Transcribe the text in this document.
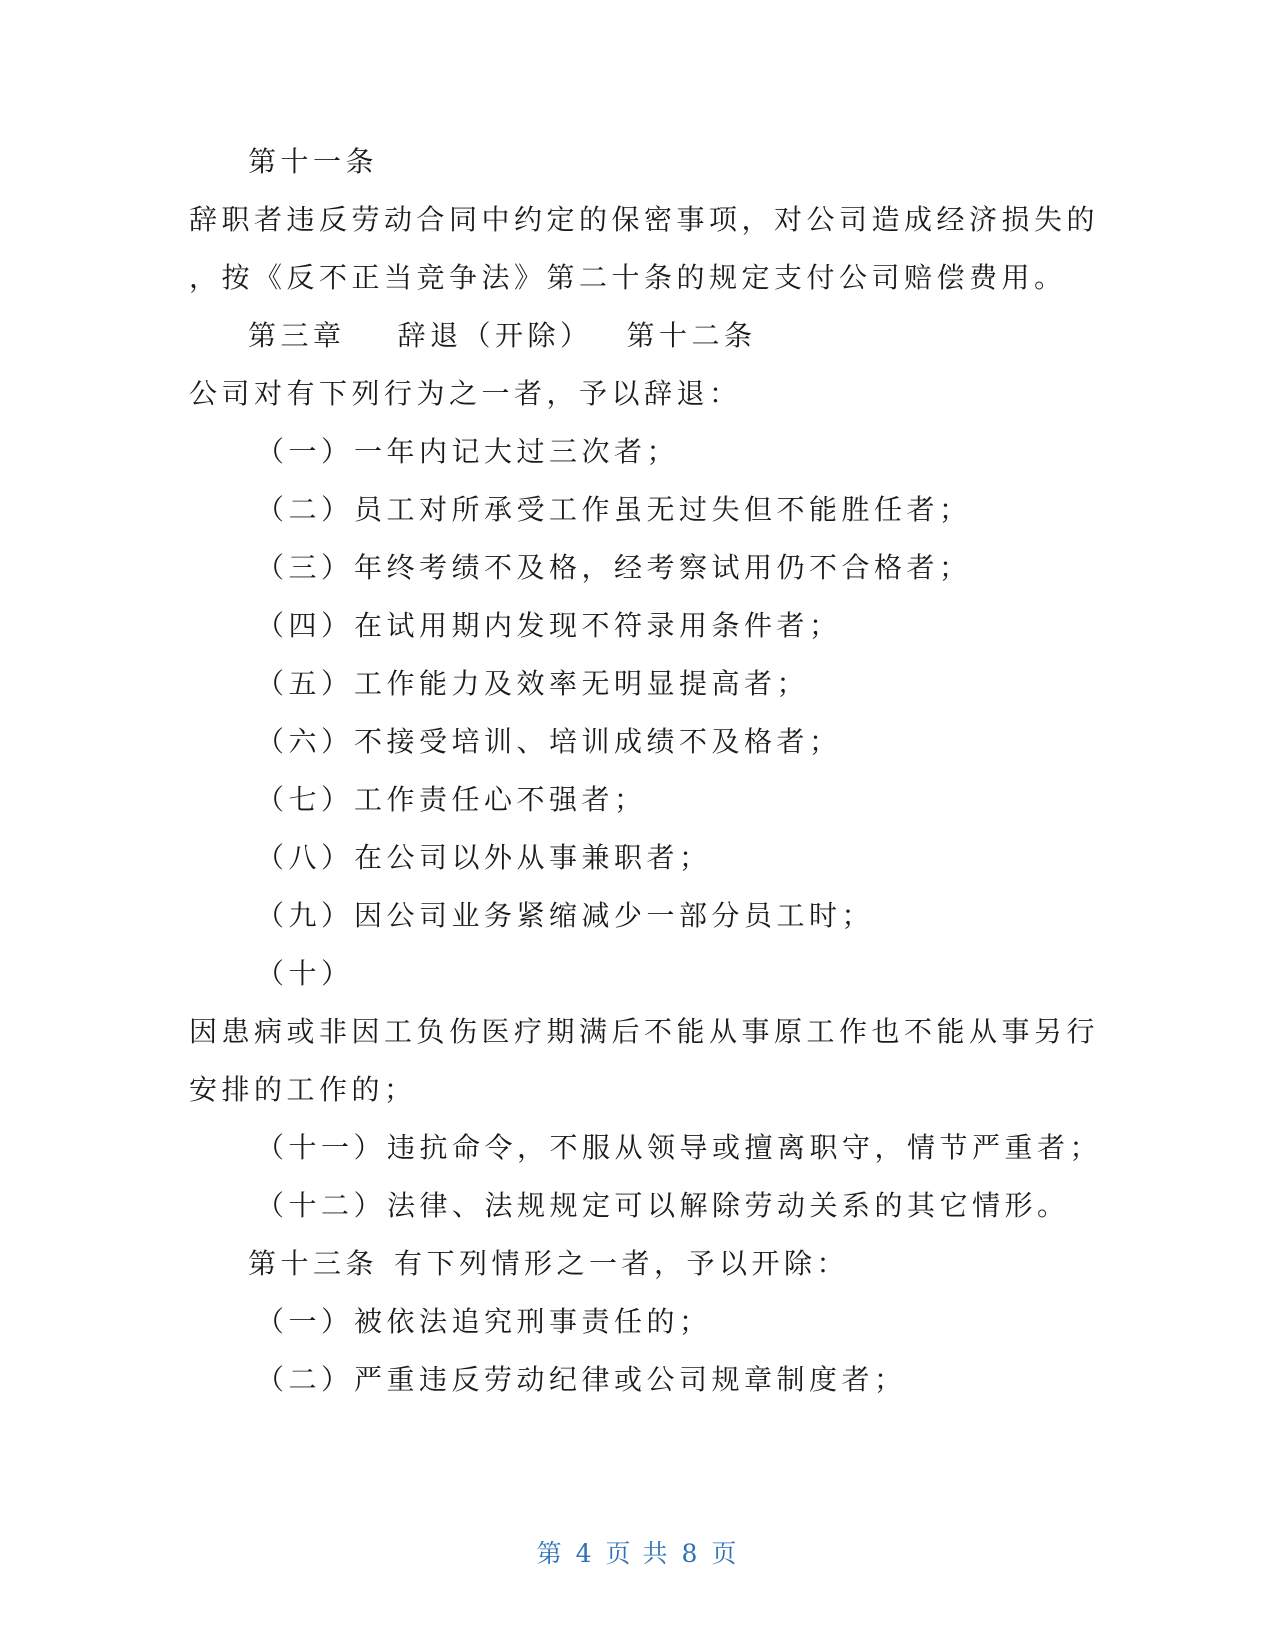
第十一条
辞职者违反劳动合同中约定的保密事项，对公司造成经济损失的
，按《反不正当竞争法》第二十条的规定支付公司赔偿费用。
第三章 辞退（开除） 第十二条
公司对有下列行为之一者，予以辞退：
（一）一年内记大过三次者；
（二）员工对所承受工作虽无过失但不能胜任者；
（三）年终考绩不及格，经考察试用仍不合格者；
（四）在试用期内发现不符录用条件者；
（五）工作能力及效率无明显提高者；
（六）不接受培训、培训成绩不及格者；
（七）工作责任心不强者；
（八）在公司以外从事兼职者；
（九）因公司业务紧缩减少一部分员工时；
（十）
因患病或非因工负伤医疗期满后不能从事原工作也不能从事另行
安排的工作的；
（十一）违抗命令，不服从领导或擅离职守，情节严重者；
（十二）法律、法规规定可以解除劳动关系的其它情形。
第十三条 有下列情形之一者，予以开除：
（一）被依法追究刑事责任的；
（二）严重违反劳动纪律或公司规章制度者；
第 4 页 共 8 页
